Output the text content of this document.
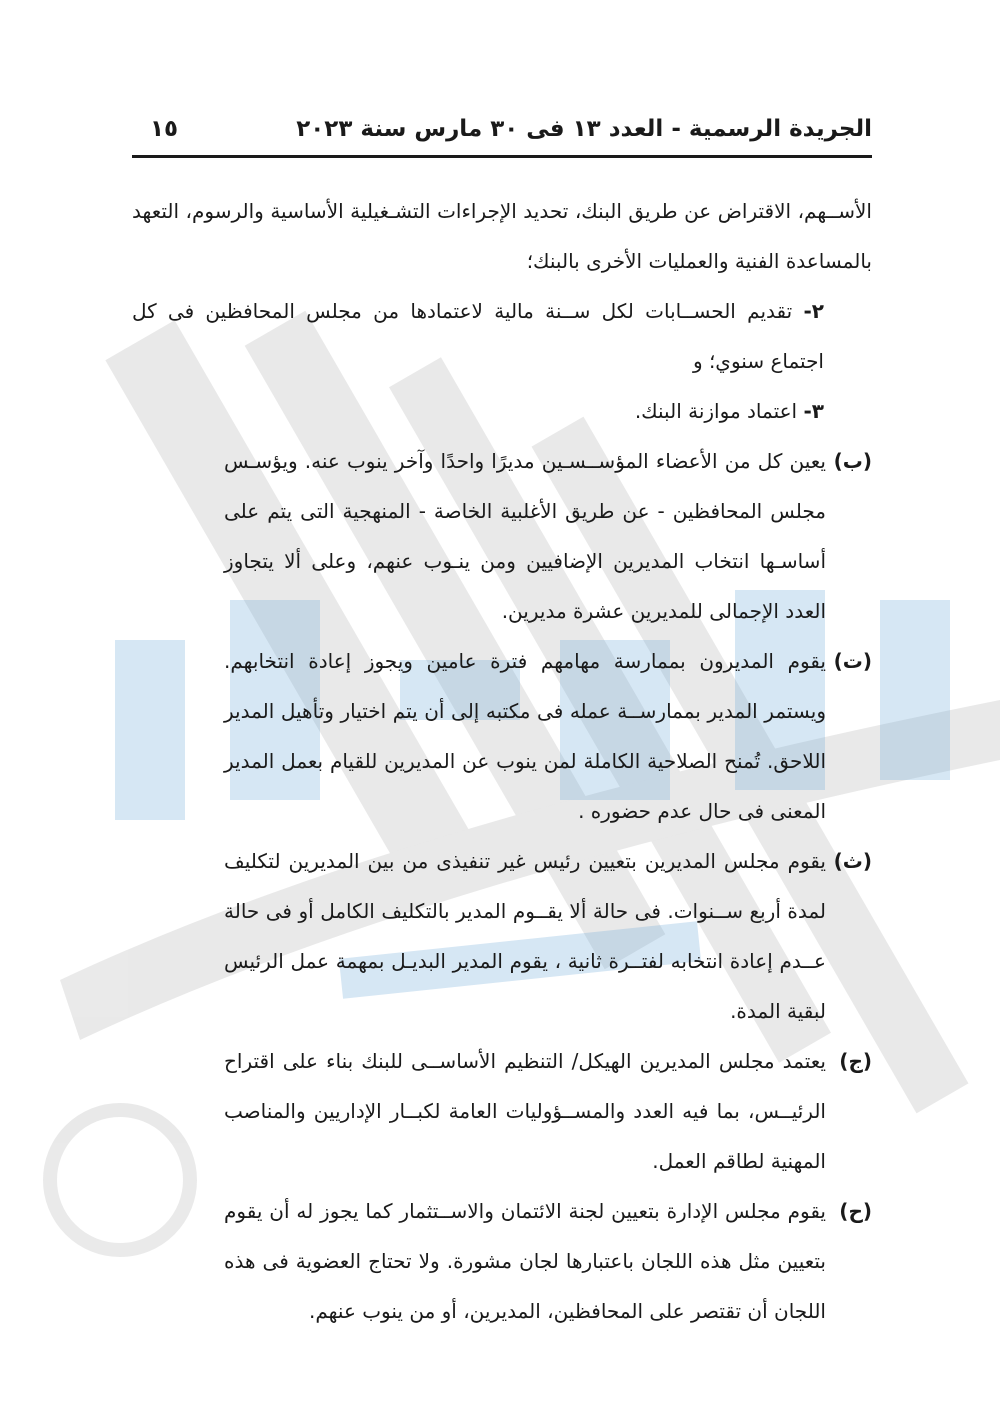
الجريدة الرسمية - العدد ١٣ فى ٣٠ مارس سنة ٢٠٢٣
١٥

الأســهم، الاقتراض عن طريق البنك، تحديد الإجراءات التشـغيلية الأساسية والرسوم، التعهد بالمساعدة الفنية والعمليات الأخرى بالبنك؛

٢- تقديم الحســابات لكل ســنة مالية لاعتمادها من مجلس المحافظين فى كل اجتماع سنوي؛ و

٣- اعتماد موازنة البنك.

(ب)
يعين كل من الأعضاء المؤســسـين مديرًا واحدًا وآخر ينوب عنه. ويؤسـس مجلس المحافظين - عن طريق الأغلبية الخاصة - المنهجية التى يتم على أساسـها انتخاب المديرين الإضافيين ومن ينـوب عنهم، وعلى ألا يتجاوز العدد الإجمالى للمديرين عشرة مديرين.
(ت)
يقوم المديرون بممارسة مهامهم فترة عامين ويجوز إعادة انتخابهم. ويستمر المدير بممارســة عمله فى مكتبه إلى أن يتم اختيار وتأهيل المدير اللاحق. تُمنح الصلاحية الكاملة لمن ينوب عن المديرين للقيام بعمل المدير المعنى فى حال عدم حضوره .
(ث)
يقوم مجلس المديرين بتعيين رئيس غير تنفيذى من بين المديرين لتكليف لمدة أربع ســنوات. فى حالة ألا يقــوم المدير بالتكليف الكامل أو فى حالة عــدم إعادة انتخابه لفتــرة ثانية ، يقوم المدير البديـل بمهمة عمل الرئيس لبقية المدة.
(ج)
يعتمد مجلس المديرين الهيكل/ التنظيم الأساســى للبنك بناء على اقتراح الرئيــس، بما فيه العدد والمســؤوليات العامة لكبــار الإداريين والمناصب المهنية لطاقم العمل.
(ح)
يقوم مجلس الإدارة بتعيين لجنة الائتمان والاســتثمار كما يجوز له أن يقوم بتعيين مثل هذه اللجان باعتبارها لجان مشورة. ولا تحتاج العضوية فى هذه اللجان أن تقتصر على المحافظين، المديرين، أو من ينوب عنهم.
